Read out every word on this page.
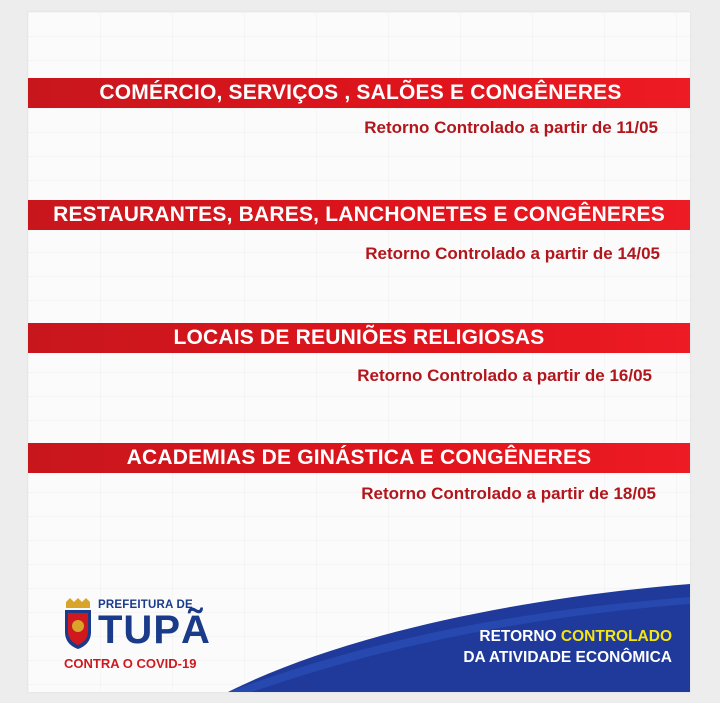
COMÉRCIO, SERVIÇOS , SALÕES E CONGÊNERES
Retorno Controlado a partir de 11/05
RESTAURANTES, BARES, LANCHONETES E CONGÊNERES
Retorno Controlado a partir de 14/05
LOCAIS DE REUNIÕES RELIGIOSAS
Retorno Controlado a partir de 16/05
ACADEMIAS DE GINÁSTICA E CONGÊNERES
Retorno Controlado a partir de 18/05
RETORNO CONTROLADO
DA ATIVIDADE ECONÔMICA
PREFEITURA DE
TUPÃ
CONTRA O COVID-19
